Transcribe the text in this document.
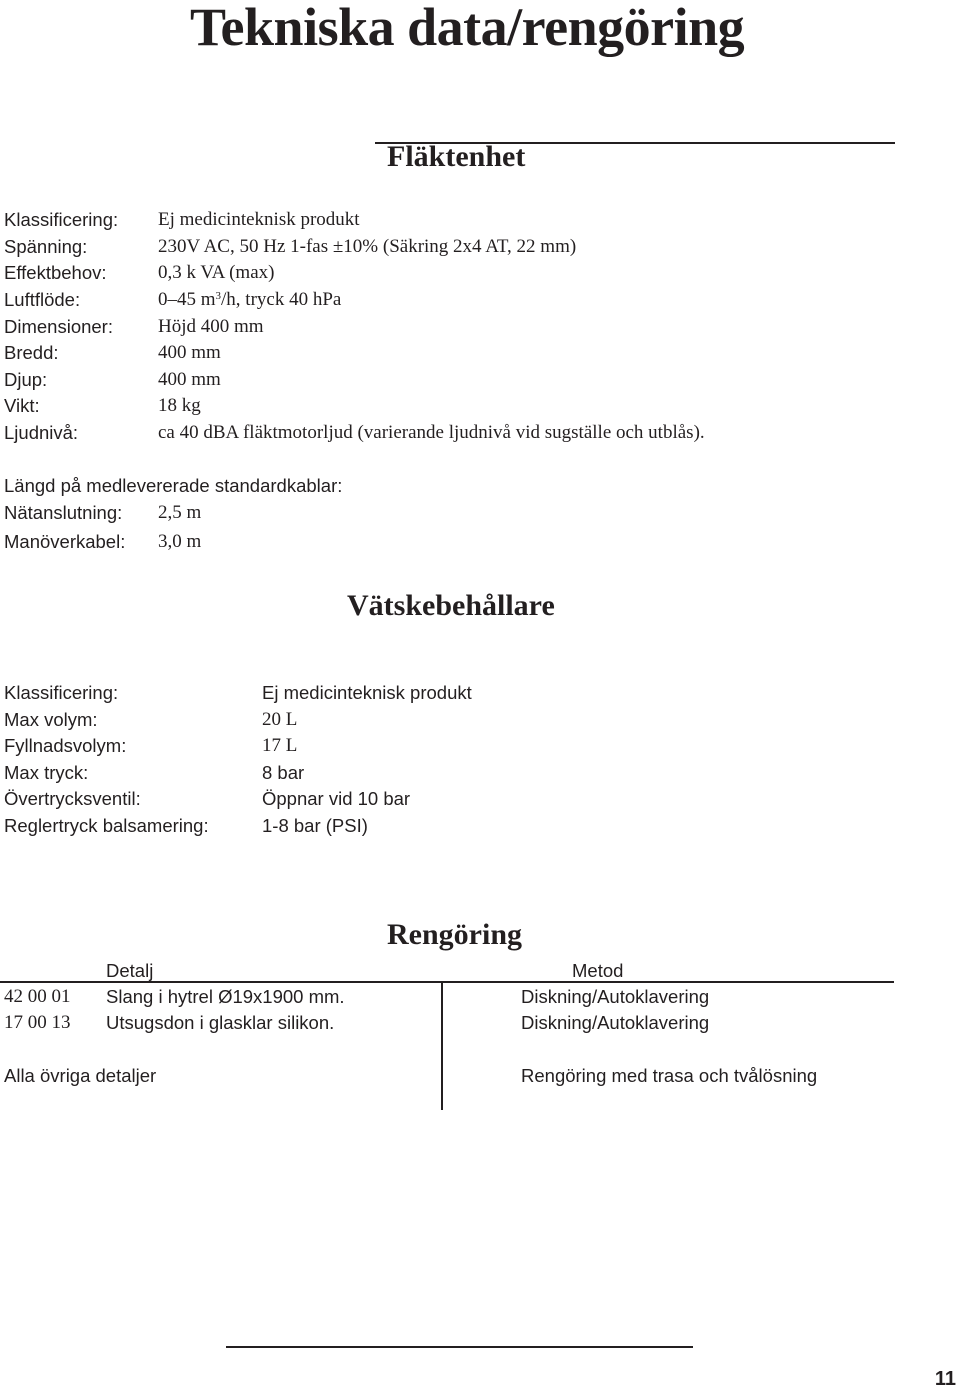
Tekniska data/rengöring
Fläktenhet
Klassificering: Ej medicinteknisk produkt
Spänning:	230V AC, 50 Hz 1-fas ±10% (Säkring 2x4 AT, 22 mm)
Effektbehov:	0,3 k VA (max)
Luftflöde:	0–45 $m^3/h$, tryck 40 hPa
Dimensioner: Höjd 400 mm
Bredd:	400 mm
Djup:	400 mm
Vikt:	18 kg
Ljudnivå:	ca 40 dBA fläktmotorljud (varierande ljudnivå vid sugställe och utblås).
Längd på medlevererade standardkablar:
Nätanslutning: 2,5 m
Manöverkabel: 3,0 m
Vätskebehållare
Klassificering:	Ej medicinteknisk produkt
Max volym:	20 L
Fyllnadsvolym:	17 L
Max tryck:	8 bar
Övertrycksventil:	Öppnar vid 10 bar
Reglertryck balsamering:	1-8 bar (PSI)
Rengöring
Detalj	Metod
42 00 01 Slang i hytrel Ø19x1900 mm.	Diskning/Autoklavering
17 00 13 Utsugsdon i glasklar silikon.	Diskning/Autoklavering
Alla övriga detaljer	Rengöring med trasa och tvålösning
11
